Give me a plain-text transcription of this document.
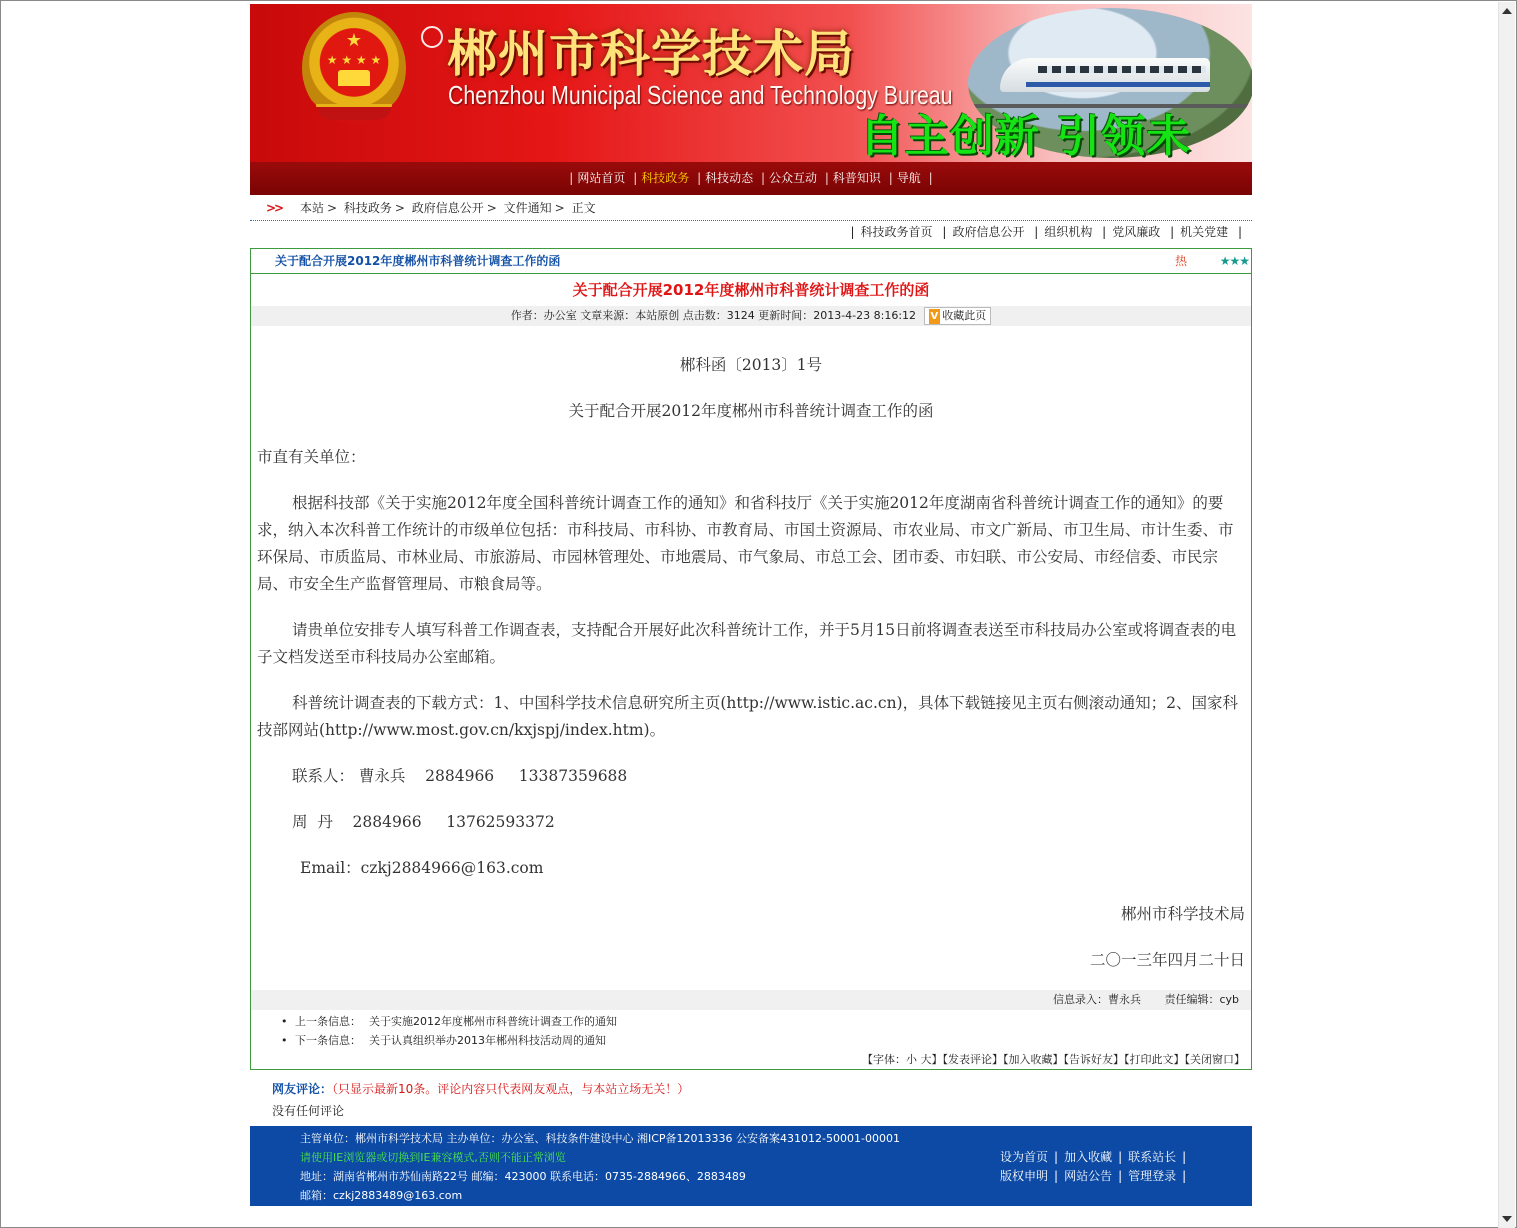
★
★ ★ ★ ★	郴州市科学技术局
Chenzhou Municipal Science and Technology Bureau
自主创新 引领未
| 网站首页 | 科技政务 | 科技动态 | 公众互动 | 科普知识 | 导航 |
>> 本站 > 科技政务 > 政府信息公开 > 文件通知 > 正文
| 科技政务首页 | 政府信息公开 | 组织机构 | 党风廉政 | 机关党建 |
关于配合开展2012年度郴州市科普统计调查工作的函	热	★★★
关于配合开展2012年度郴州市科普统计调查工作的函
作者：办公室 文章来源：本站原创 点击数：3124 更新时间：2013-4-23 8:16:12 V 收藏此页

郴科函〔2013〕1号

关于配合开展2012年度郴州市科普统计调查工作的函

市直有关单位：

根据科技部《关于实施2012年度全国科普统计调查工作的通知》和省科技厅《关于实施2012年度湖南省科普统计调查工作的通知》的要求，纳入本次科普工作统计的市级单位包括：市科技局、市科协、市教育局、市国土资源局、市农业局、市文广新局、市卫生局、市计生委、市环保局、市质监局、市林业局、市旅游局、市园林管理处、市地震局、市气象局、市总工会、团市委、市妇联、市公安局、市经信委、市民宗局、市安全生产监督管理局、市粮食局等。

请贵单位安排专人填写科普工作调查表，支持配合开展好此次科普统计工作，并于5月15日前将调查表送至市科技局办公室或将调查表的电子文档发送至市科技局办公室邮箱。

科普统计调查表的下载方式：1、中国科学技术信息研究所主页(http://www.istic.ac.cn)，具体下载链接见主页右侧滚动通知；2、国家科技部网站(http://www.most.gov.cn/kxjspj/index.htm)。

联系人： 曹永兵    2884966     13387359688

周  丹    2884966     13762593372

Email：czkj2884966@163.com

郴州市科学技术局

二〇一三年四月二十日

信息录入：曹永兵 责任编辑：cyb
• 上一条信息： 关于实施2012年度郴州市科普统计调查工作的通知
• 下一条信息： 关于认真组织举办2013年郴州科技活动周的通知
【字体：小 大】【发表评论】【加入收藏】【告诉好友】【打印此文】【关闭窗口】
网友评论：（只显示最新10条。评论内容只代表网友观点，与本站立场无关！）
没有任何评论
主管单位：郴州市科学技术局 主办单位：办公室、科技条件建设中心 湘ICP备12013336 公安备案431012-50001-00001
请使用IE浏览器或切换到IE兼容模式,否则不能正常浏览
地址：湖南省郴州市苏仙南路22号 邮编：423000 联系电话：0735-2884966、2883489
邮箱：czkj2883489@163.com
设为首页 | 加入收藏 | 联系站长 |
版权申明 | 网站公告 | 管理登录 |
